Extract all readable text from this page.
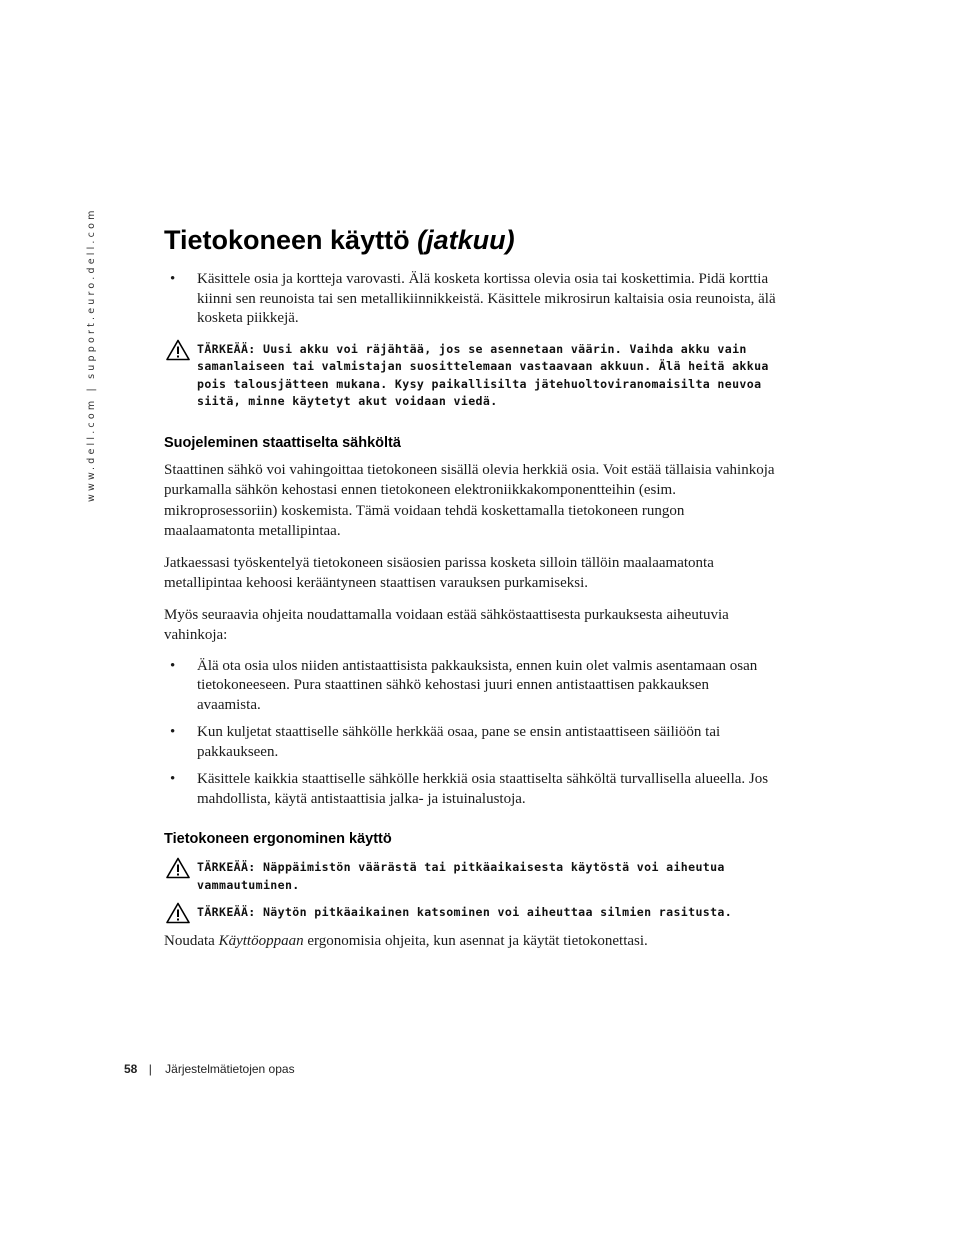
www.dell.com | support.euro.dell.com Tietokoneen käyttö (jatkuu)
• Käsittele osia ja kortteja varovasti. Älä kosketa kortissa olevia osia tai koskettimia. Pidä korttia kiinni sen reunoista tai sen metallikiinnikkeistä. Käsittele mikrosirun kaltaisia osia reunoista, älä kosketa piikkejä.
TÄRKEÄÄ: Uusi akku voi räjähtää, jos se asennetaan väärin. Vaihda akku vain samanlaiseen tai valmistajan suosittelemaan vastaavaan akkuun. Älä heitä akkua pois talousjätteen mukana. Kysy paikallisilta jätehuoltoviranomaisilta neuvoa siitä, minne käytetyt akut voidaan viedä.
Suojeleminen staattiselta sähköltä

Staattinen sähkö voi vahingoittaa tietokoneen sisällä olevia herkkiä osia. Voit estää tällaisia vahinkoja purkamalla sähkön kehostasi ennen tietokoneen elektroniikkakomponentteihin (esim. mikroprosessoriin) koskemista. Tämä voidaan tehdä koskettamalla tietokoneen rungon maalaamatonta metallipintaa.

Jatkaessasi työskentelyä tietokoneen sisäosien parissa kosketa silloin tällöin maalaamatonta metallipintaa kehoosi kerääntyneen staattisen varauksen purkamiseksi.

Myös seuraavia ohjeita noudattamalla voidaan estää sähköstaattisesta purkauksesta aiheutuvia vahinkoja:

• Älä ota osia ulos niiden antistaattisista pakkauksista, ennen kuin olet valmis asentamaan osan tietokoneeseen. Pura staattinen sähkö kehostasi juuri ennen antistaattisen pakkauksen avaamista.
• Kun kuljetat staattiselle sähkölle herkkää osaa, pane se ensin antistaattiseen säiliöön tai pakkaukseen.
• Käsittele kaikkia staattiselle sähkölle herkkiä osia staattiselta sähköltä turvallisella alueella. Jos mahdollista, käytä antistaattisia jalka- ja istuinalustoja.
Tietokoneen ergonominen käyttö
TÄRKEÄÄ: Näppäimistön väärästä tai pitkäaikaisesta käytöstä voi aiheutua vammautuminen.
TÄRKEÄÄ: Näytön pitkäaikainen katsominen voi aiheuttaa silmien rasitusta.

Noudata Käyttöoppaan ergonomisia ohjeita, kun asennat ja käytät tietokonettasi.

58 | Järjestelmätietojen opas
